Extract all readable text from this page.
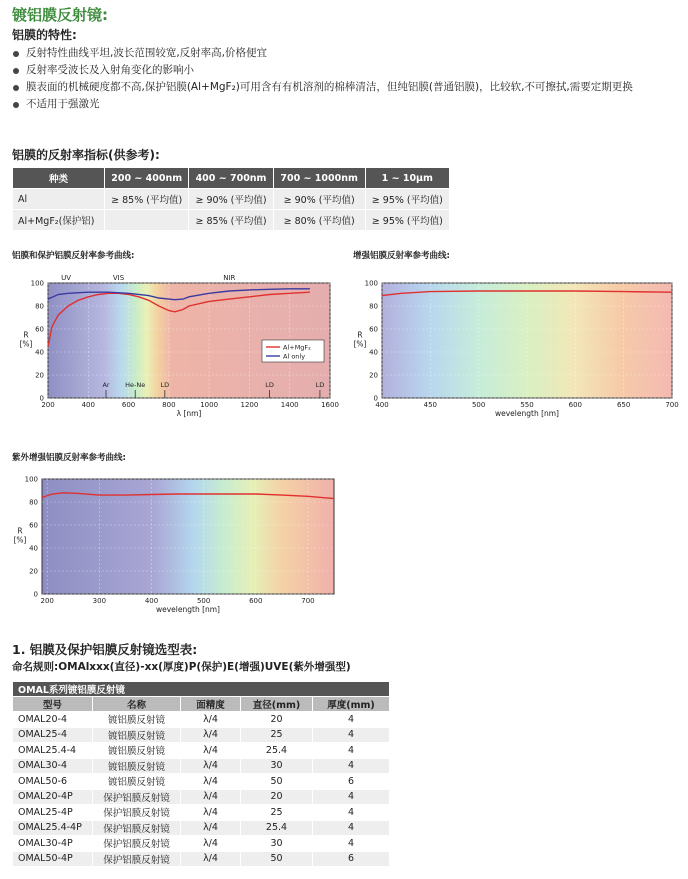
镀铝膜反射镜:
铝膜的特性:
反射特性曲线平坦,波长范围较宽,反射率高,价格便宜
反射率受波长及入射角变化的影响小
膜表面的机械硬度都不高,保护铝膜(Al+MgF₂)可用含有有机溶剂的棉棒清洁，但纯铝膜(普通铝膜)，比较软,不可擦拭,需要定期更换
不适用于强激光
铝膜的反射率指标(供参考):
种类	200 ~ 400nm	400 ~ 700nm	700 ~ 1000nm	1 ~ 10μm
Al	≥ 85% (平均值)	≥ 90% (平均值)	≥ 90% (平均值)	≥ 95% (平均值)
Al+MgF₂(保护铝)		≥ 85% (平均值)	≥ 80% (平均值)	≥ 95% (平均值)
铝膜和保护铝膜反射率参考曲线:	增强铝膜反射率参考曲线:
紫外增强铝膜反射率参考曲线:
200	400	600	800	1000	1200	1400	1600
0
20
40
60
80
100
λ [nm]
R
[%]
UV	VIS	NIR
Ar He-Ne LD	LD	LD
Al+MgF₂
Al only
400	450	500	550	600	650	700
0
20
40
60
80
100
wevelength [nm]
R
[%]
200	300	400	500	600	700
0
20
40
60
80
100
wevelength [nm]
R
[%]
1. 铝膜及保护铝膜反射镜选型表:
命名规则:OMAlxxx(直径)-xx(厚度)P(保护)E(增强)UVE(紫外增强型)
OMAL系列镀铝膜反射镜				
型号	名称	面精度	直径(mm)	厚度(mm)
OMAL20-4	镀铝膜反射镜	λ/4	20	4
OMAL25-4	镀铝膜反射镜	λ/4	25	4
OMAL25.4-4	镀铝膜反射镜	λ/4	25.4	4
OMAL30-4	镀铝膜反射镜	λ/4	30	4
OMAL50-6	镀铝膜反射镜	λ/4	50	6
OMAL20-4P	保护铝膜反射镜	λ/4	20	4
OMAL25-4P	保护铝膜反射镜	λ/4	25	4
OMAL25.4-4P	保护铝膜反射镜	λ/4	25.4	4
OMAL30-4P	保护铝膜反射镜	λ/4	30	4
OMAL50-4P	保护铝膜反射镜	λ/4	50	6
